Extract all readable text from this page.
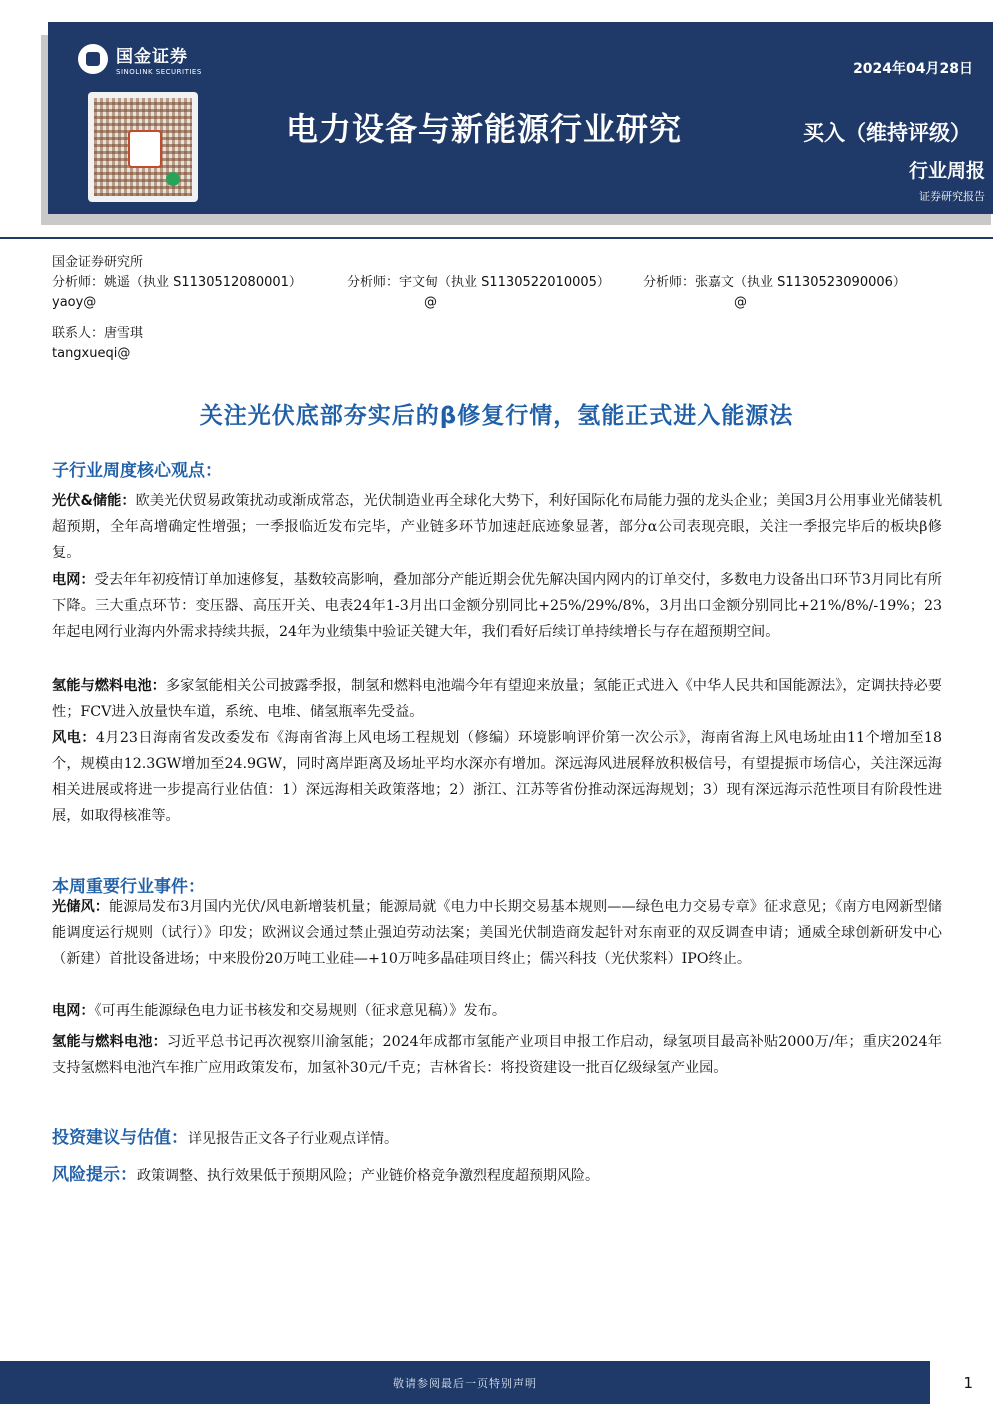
国金证券
SINOLINK SECURITIES	2024年04月28日
电力设备与新能源行业研究	买入（维持评级）
行业周报
证券研究报告
国金证券研究所
分析师：姚遥（执业 S1130512080001）	分析师：宇文甸（执业 S1130522010005）	分析师：张嘉文（执业 S1130523090006）
yaoy@	@	@
联系人：唐雪琪
tangxueqi@
关注光伏底部夯实后的β修复行情，氢能正式进入能源法
子行业周度核心观点：
光伏&储能：欧美光伏贸易政策扰动或渐成常态，光伏制造业再全球化大势下，利好国际化布局能力强的龙头企业；美国3月公用事业光储装机超预期，全年高增确定性增强；一季报临近发布完毕，产业链多环节加速赶底迹象显著，部分α公司表现亮眼，关注一季报完毕后的板块β修复。
电网：受去年年初疫情订单加速修复，基数较高影响，叠加部分产能近期会优先解决国内网内的订单交付，多数电力设备出口环节3月同比有所下降。三大重点环节：变压器、高压开关、电表24年1-3月出口金额分别同比+25%/29%/8%，3月出口金额分别同比+21%/8%/-19%；23年起电网行业海内外需求持续共振，24年为业绩集中验证关键大年，我们看好后续订单持续增长与存在超预期空间。
氢能与燃料电池：多家氢能相关公司披露季报，制氢和燃料电池端今年有望迎来放量；氢能正式进入《中华人民共和国能源法》，定调扶持必要性；FCV进入放量快车道，系统、电堆、储氢瓶率先受益。
风电：4月23日海南省发改委发布《海南省海上风电场工程规划（修编）环境影响评价第一次公示》，海南省海上风电场址由11个增加至18个，规模由12.3GW增加至24.9GW，同时离岸距离及场址平均水深亦有增加。深远海风进展释放积极信号，有望提振市场信心，关注深远海相关进展或将进一步提高行业估值：1）深远海相关政策落地；2）浙江、江苏等省份推动深远海规划；3）现有深远海示范性项目有阶段性进展，如取得核准等。
本周重要行业事件：
光储风：能源局发布3月国内光伏/风电新增装机量；能源局就《电力中长期交易基本规则——绿色电力交易专章》征求意见；《南方电网新型储能调度运行规则（试行）》印发；欧洲议会通过禁止强迫劳动法案；美国光伏制造商发起针对东南亚的双反调查申请；通威全球创新研发中心（新建）首批设备进场；中来股份20万吨工业硅—+10万吨多晶硅项目终止；儒兴科技（光伏浆料）IPO终止。
电网：《可再生能源绿色电力证书核发和交易规则（征求意见稿）》发布。
氢能与燃料电池：习近平总书记再次视察川渝氢能；2024年成都市氢能产业项目申报工作启动，绿氢项目最高补贴2000万/年；重庆2024年支持氢燃料电池汽车推广应用政策发布，加氢补30元/千克；吉林省长：将投资建设一批百亿级绿氢产业园。
投资建议与估值：详见报告正文各子行业观点详情。
风险提示：政策调整、执行效果低于预期风险；产业链价格竞争激烈程度超预期风险。
敬请参阅最后一页特别声明	1
